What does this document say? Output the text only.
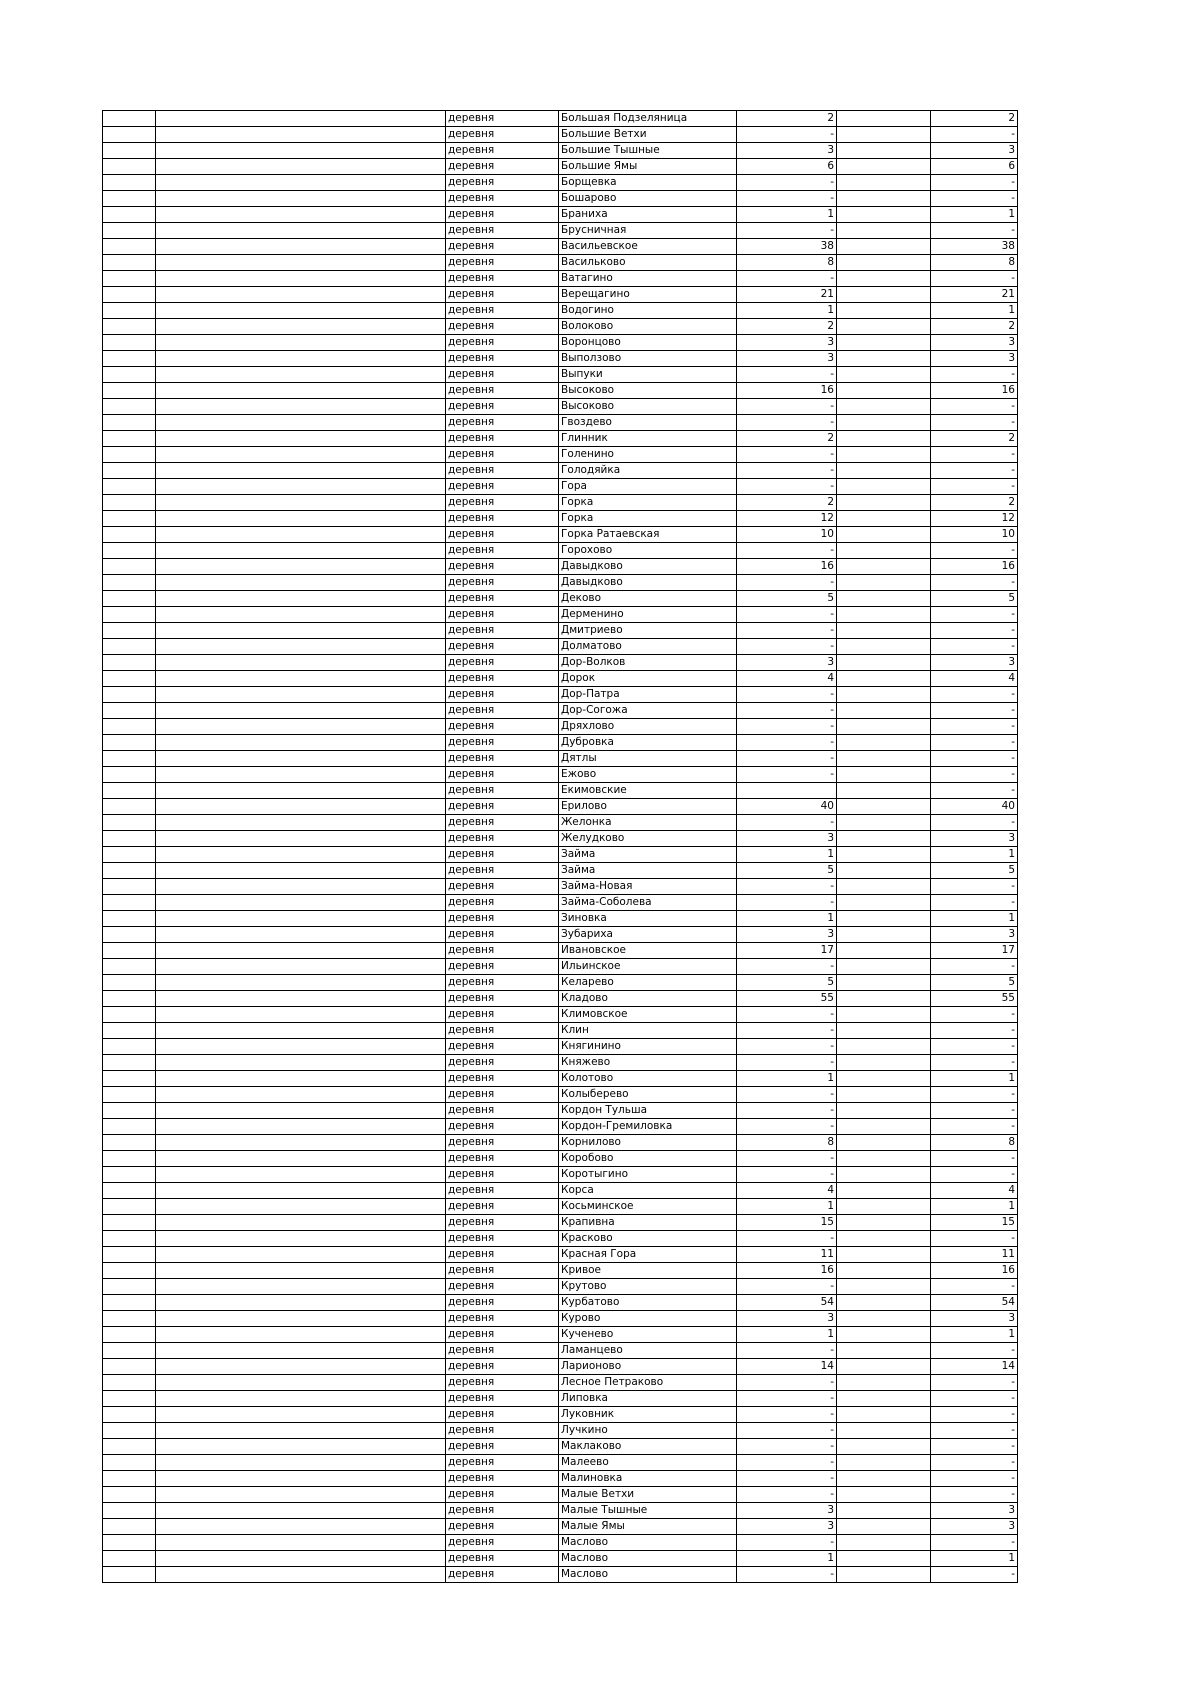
		деревня	Большая Подзеляница	2		2
		деревня	Большие Ветхи	-		-
		деревня	Большие Тышные	3		3
		деревня	Большие Ямы	6		6
		деревня	Борщевка	-		-
		деревня	Бошарово	-		-
		деревня	Браниха	1		1
		деревня	Брусничная	-		-
		деревня	Васильевское	38		38
		деревня	Васильково	8		8
		деревня	Ватагино	-		-
		деревня	Верещагино	21		21
		деревня	Водогино	1		1
		деревня	Волоково	2		2
		деревня	Воронцово	3		3
		деревня	Выползово	3		3
		деревня	Выпуки	-		-
		деревня	Высоково	16		16
		деревня	Высоково	-		-
		деревня	Гвоздево	-		-
		деревня	Глинник	2		2
		деревня	Голенино	-		-
		деревня	Голодяйка	-		-
		деревня	Гора	-		-
		деревня	Горка	2		2
		деревня	Горка	12		12
		деревня	Горка Ратаевская	10		10
		деревня	Горохово	-		-
		деревня	Давыдково	16		16
		деревня	Давыдково	-		-
		деревня	Деково	5		5
		деревня	Дерменино	-		-
		деревня	Дмитриево	-		-
		деревня	Долматово	-		-
		деревня	Дор-Волков	3		3
		деревня	Дорок	4		4
		деревня	Дор-Патра	-		-
		деревня	Дор-Согожа	-		-
		деревня	Дряхлово	-		-
		деревня	Дубровка	-		-
		деревня	Дятлы	-		-
		деревня	Ежово	-		-
		деревня	Екимовские			-
		деревня	Ерилово	40		40
		деревня	Желонка	-		-
		деревня	Желудково	3		3
		деревня	Займа	1		1
		деревня	Займа	5		5
		деревня	Займа-Новая	-		-
		деревня	Займа-Соболева	-		-
		деревня	Зиновка	1		1
		деревня	Зубариха	3		3
		деревня	Ивановское	17		17
		деревня	Ильинское	-		-
		деревня	Келарево	5		5
		деревня	Кладово	55		55
		деревня	Климовское	-		-
		деревня	Клин	-		-
		деревня	Княгинино	-		-
		деревня	Княжево	-		-
		деревня	Колотово	1		1
		деревня	Колыберево	-		-
		деревня	Кордон Тульша	-		-
		деревня	Кордон-Гремиловка	-		-
		деревня	Корнилово	8		8
		деревня	Коробово	-		-
		деревня	Коротыгино	-		-
		деревня	Корса	4		4
		деревня	Косьминское	1		1
		деревня	Крапивна	15		15
		деревня	Красково	-		-
		деревня	Красная Гора	11		11
		деревня	Кривое	16		16
		деревня	Крутово	-		-
		деревня	Курбатово	54		54
		деревня	Курово	3		3
		деревня	Кученево	1		1
		деревня	Ламанцево	-		-
		деревня	Ларионово	14		14
		деревня	Лесное Петраково	-		-
		деревня	Липовка	-		-
		деревня	Луковник	-		-
		деревня	Лучкино	-		-
		деревня	Маклаково	-		-
		деревня	Малеево	-		-
		деревня	Малиновка	-		-
		деревня	Малые Ветхи	-		-
		деревня	Малые Тышные	3		3
		деревня	Малые Ямы	3		3
		деревня	Маслово	-		-
		деревня	Маслово	1		1
		деревня	Маслово	-		-
